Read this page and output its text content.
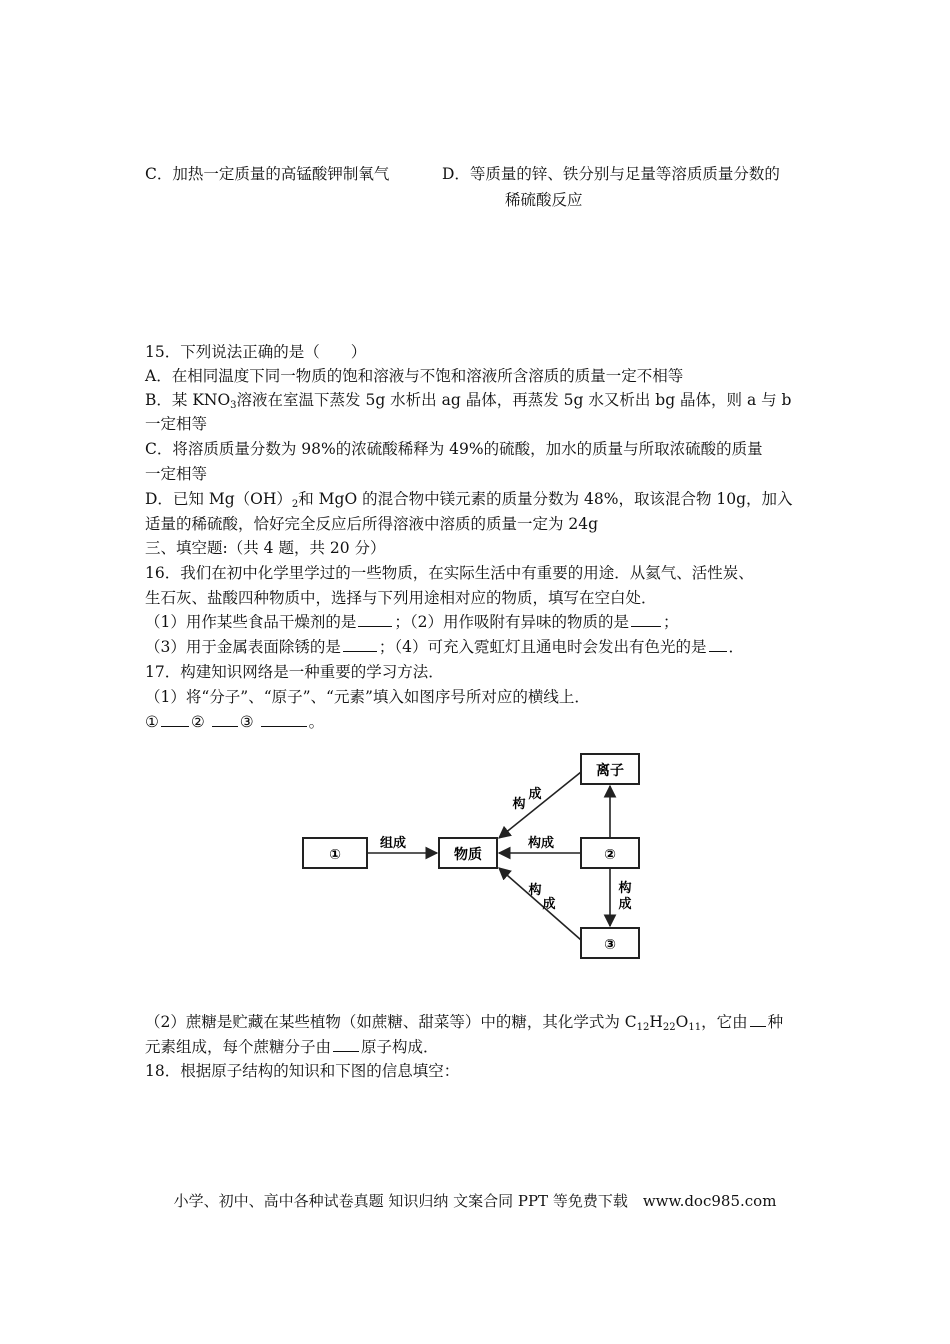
C．加热一定质量的高锰酸钾制氧气	D．等质量的锌、铁分别与足量等溶质质量分数的
稀硫酸反应
15．下列说法正确的是（　　）
A．在相同温度下同一物质的饱和溶液与不饱和溶液所含溶质的质量一定不相等
B．某 $KNO_3$溶液在室温下蒸发 5g 水析出 ag 晶体，再蒸发 5g 水又析出 bg 晶体，则 a 与 b
一定相等
C．将溶质质量分数为 98%的浓硫酸稀释为 49%的硫酸，加水的质量与所取浓硫酸的质量
一定相等
D．已知 $Mg(OH)_2$和 MgO 的混合物中镁元素的质量分数为 48%，取该混合物 10g，加入
适量的稀硫酸，恰好完全反应后所得溶液中溶质的质量一定为 24g
三、填空题:（共 4 题，共 20 分）
16．我们在初中化学里学过的一些物质，在实际生活中有重要的用途．从氦气、活性炭、
生石灰、盐酸四种物质中，选择与下列用途相对应的物质，填写在空白处．
（1）用作某些食品干燥剂的是 ；（2）用作吸附有异味的物质的是 ；
（3）用于金属表面除锈的是 ；（4）可充入霓虹灯且通电时会发出有色光的是 ．
17．构建知识网络是一种重要的学习方法．
（1）将“分子”、“原子”、“元素”填入如图序号所对应的横线上．
① ② ③	。
①	物质	②
离子
③
组成	构成
构
成
构
成
构
成
（2）蔗糖是贮藏在某些植物（如蔗糖、甜菜等）中的糖，其化学式为 $C_{12}H_{22}O_{11}$，它由 种
元素组成，每个蔗糖分子由 原子构成．
18．根据原子结构的知识和下图的信息填空：
小学、初中、高中各种试卷真题 知识归纳 文案合同 PPT 等免费下载　www.doc985.com
